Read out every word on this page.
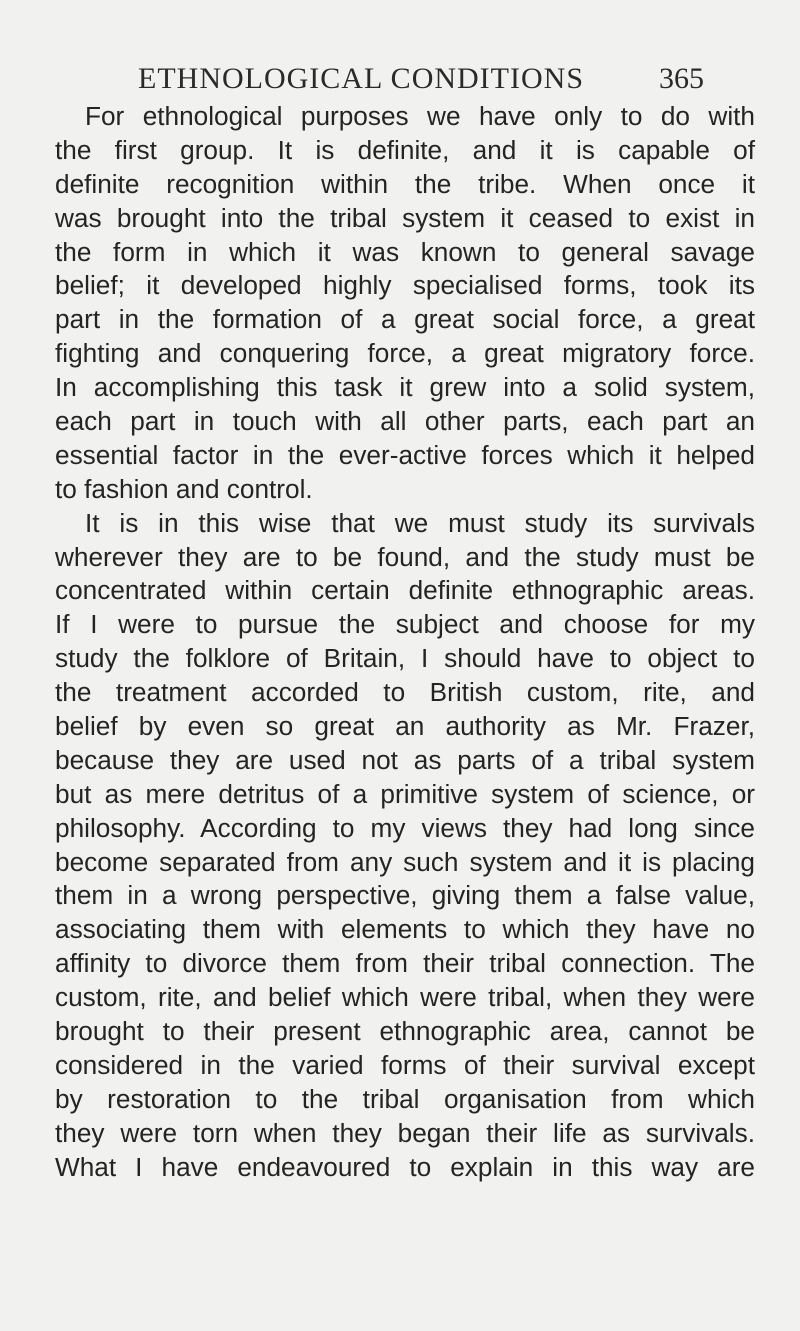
ETHNOLOGICAL CONDITIONS 365
For ethnological purposes we have only to do with
the first group. It is definite, and it is capable of
definite recognition within the tribe. When once it
was brought into the tribal system it ceased to exist in
the form in which it was known to general savage
belief; it developed highly specialised forms, took its
part in the formation of a great social force, a great
fighting and conquering force, a great migratory force.
In accomplishing this task it grew into a solid system,
each part in touch with all other parts, each part an
essential factor in the ever-active forces which it helped
to fashion and control.
It is in this wise that we must study its survivals
wherever they are to be found, and the study must be
concentrated within certain definite ethnographic areas.
If I were to pursue the subject and choose for my
study the folklore of Britain, I should have to object to
the treatment accorded to British custom, rite, and
belief by even so great an authority as Mr. Frazer,
because they are used not as parts of a tribal system
but as mere detritus of a primitive system of science, or
philosophy. According to my views they had long since
become separated from any such system and it is placing
them in a wrong perspective, giving them a false value,
associating them with elements to which they have no
affinity to divorce them from their tribal connection. The
custom, rite, and belief which were tribal, when they were
brought to their present ethnographic area, cannot be
considered in the varied forms of their survival except
by restoration to the tribal organisation from which
they were torn when they began their life as survivals.
What I have endeavoured to explain in this way are
